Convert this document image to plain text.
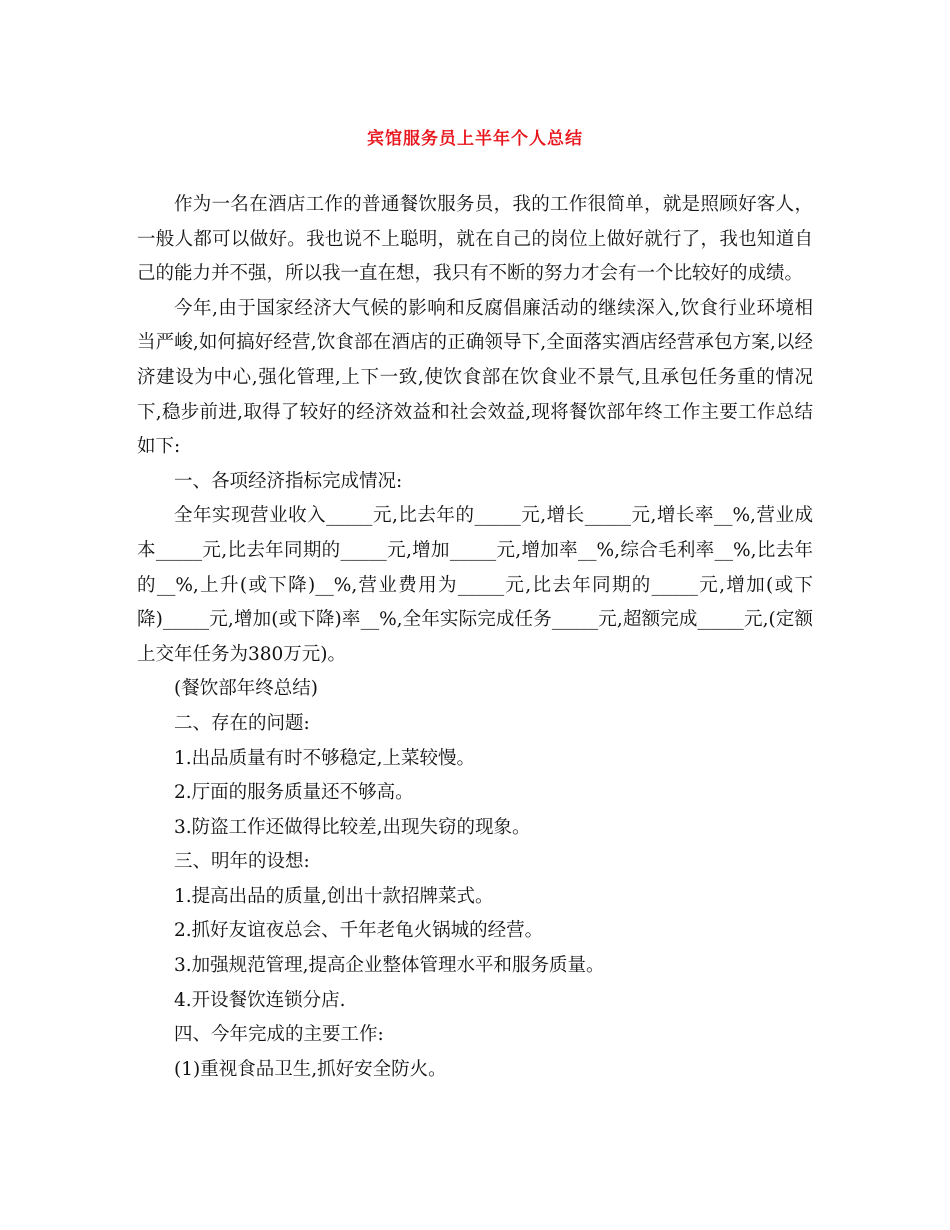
宾馆服务员上半年个人总结

作为一名在酒店工作的普通餐饮服务员，我的工作很简单，就是照顾好客人，一般人都可以做好。我也说不上聪明，就在自己的岗位上做好就行了，我也知道自己的能力并不强，所以我一直在想，我只有不断的努力才会有一个比较好的成绩。

今年,由于国家经济大气候的影响和反腐倡廉活动的继续深入,饮食行业环境相当严峻,如何搞好经营,饮食部在酒店的正确领导下,全面落实酒店经营承包方案,以经济建设为中心,强化管理,上下一致,使饮食部在饮食业不景气,且承包任务重的情况下,稳步前进,取得了较好的经济效益和社会效益,现将餐饮部年终工作主要工作总结如下:

一、各项经济指标完成情况:

全年实现营业收入_____元,比去年的_____元,增长_____元,增长率__%,营业成本_____元,比去年同期的_____元,增加_____元,增加率__%,综合毛利率__%,比去年的__%,上升(或下降)__%,营业费用为_____元,比去年同期的_____元,增加(或下降)_____元,增加(或下降)率__%,全年实际完成任务_____元,超额完成_____元,(定额上交年任务为380万元)。

(餐饮部年终总结)

二、存在的问题:

1.出品质量有时不够稳定,上菜较慢。

2.厅面的服务质量还不够高。

3.防盗工作还做得比较差,出现失窃的现象。

三、明年的设想:

1.提高出品的质量,创出十款招牌菜式。

2.抓好友谊夜总会、千年老龟火锅城的经营。

3.加强规范管理,提高企业整体管理水平和服务质量。

4.开设餐饮连锁分店.

四、今年完成的主要工作:

(1)重视食品卫生,抓好安全防火。
